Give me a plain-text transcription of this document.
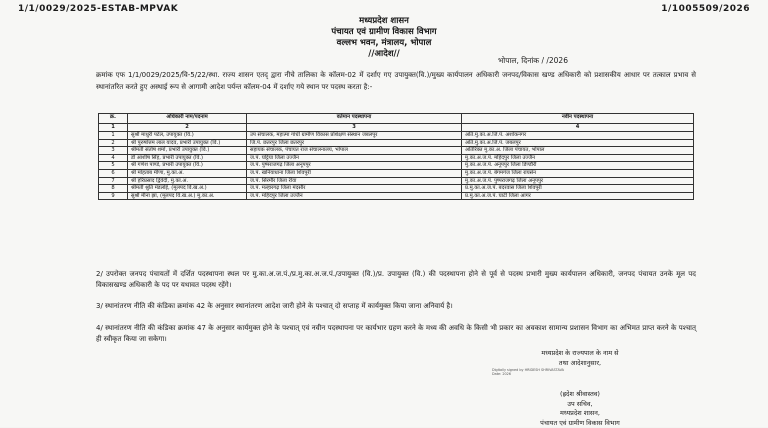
1/1/0029/2025-ESTAB-MPVAK	1/1005509/2026
मध्यप्रदेश शासन
पंचायत एवं ग्रामीण विकास विभाग
वल्लभ भवन, मंत्रालय, भोपाल
//आदेश//
भोपाल, दिनांक / /2026
क्रमांक एफ 1/1/0029/2025/वि-5/22/स्था. राज्य शासन एतद् द्वारा नीचे तालिका के कॉलम-02 में दर्शाए गए उपायुक्त(वि.)/मुख्य कार्यपालन अधिकारी जनपद/विकास खण्ड अधिकारी को प्रशासकीय आधार पर तत्काल प्रभाव से स्थानांतरित करते हुए अस्थाई रूप से आगामी आदेश पर्यन्त कॉलम-04 में दर्शाए गये स्थान पर पदस्थ करता है:-
क्र.	अधिकारी नाम/पदनाम	वर्तमान पदस्थापना	नवीन पदस्थापना
1	2	3	4
1	सुश्री माधुरी पटेल, उपायुक्त (वि.)	उप संचालक, महात्मा गांधी ग्रामीण विकास प्रशिक्षण संस्थान जबलपुर	अति.मु.का.अ.जि.पं. अशोकनगर
2	श्री पुरुषोत्तम लाल यादव, प्रभारी उपायुक्त (वि.)	जि.पं. छतरपुर जिला छतरपुर	अति.मु.का.अ.जि.पं. जबलपुर
3	श्रीमती संतोष शर्मा, प्रभारी उपायुक्त (वि.)	सहायक संचालक, पंचायत राज संचालनालय, भोपाल	अतिरिक्त मु.का.अ. जिला पंचायत, भोपाल
4	डॉ आशीष सिंह, प्रभारी उपायुक्त (वि.)	ज.पं. घट्टिया जिला उज्जैन	मु.का.अ.ज.पं. महिदपुर जिला उज्जैन
5	श्री गणेश पाण्डे, प्रभारी उपायुक्त (वि.)	ज.पं. पुष्पराजगढ़ जिला अनूपपुर	मु.का.अ.ज.पं. अनूपपुर जिला डिण्डौरी
6	श्री मोहताब मीणा, मु.का.अ.	ज.पं. खनियाधाना जिला शिवपुरी	मु.का.अ.ज.पं. बेगमगंज जिला रायसेन
7	श्री हरिप्रसाद द्विवेदी, मु.का.अ.	ज.पं. सिरमौर जिला रीवा	मु.का.अ.ज.पं. पुष्पराजगढ़ जिला अनूपपुर
8	श्रीमती श्रुति मंडलोई, (मूलपद वि.ख.अ.)	ज.पं. मल्हारगढ़ जिला मंदसौर	प्र.मु.का.अ.ज.पं. बदरवास जिला शिवपुरी
9	सुश्री मीना झा, (मूलपद वि.ख.अ.) मु.का.अ.	ज.पं. महिदपुर जिला उज्जैन	प्र.मु.का.अ.ज.पं. घाटी जिला आगर
2/ उपरोक्त जनपद पंचायतों में दर्शित पदस्थापना स्थल पर मु.का.अ.ज.पं./प्र.मु.का.अ.ज.पं./उपायुक्त (वि.)/प्र. उपायुक्त (वि.) की पदस्थापना होने से पूर्व से पदस्थ प्रभारी मुख्य कार्यपालन अधिकारी, जनपद पंचायत उनके मूल पद विकासखण्ड अधिकारी के पद पर यथावत पदस्थ रहेंगे।
3/ स्थानांतरण नीति की कंडिका क्रमांक 42 के अनुसार स्थानांतरण आदेश जारी होने के पश्चात् दो सप्ताह में कार्यमुक्त किया जाना अनिवार्य है।
4/ स्थानांतरण नीति की कंडिका क्रमांक 47 के अनुसार कार्यमुक्त होने के पश्चात् एवं नवीन पदस्थापना पर कार्यभार ग्रहण करने के मध्य की अवधि के किसी भी प्रकार का अवकाश सामान्य प्रशासन विभाग का अभिमत प्राप्त करने के पश्चात् ही स्वीकृत किया जा सकेगा।
मध्यप्रदेश के राज्यपाल के नाम से
तथा आदेशानुसार,
(ह्रदेश श्रीवास्तव)
उप सचिव,
मध्यप्रदेश शासन,
पंचायत एवं ग्रामीण विकास विभाग
Digitally signed by HRIDESH SHRIVASTAVA Date: 2026
